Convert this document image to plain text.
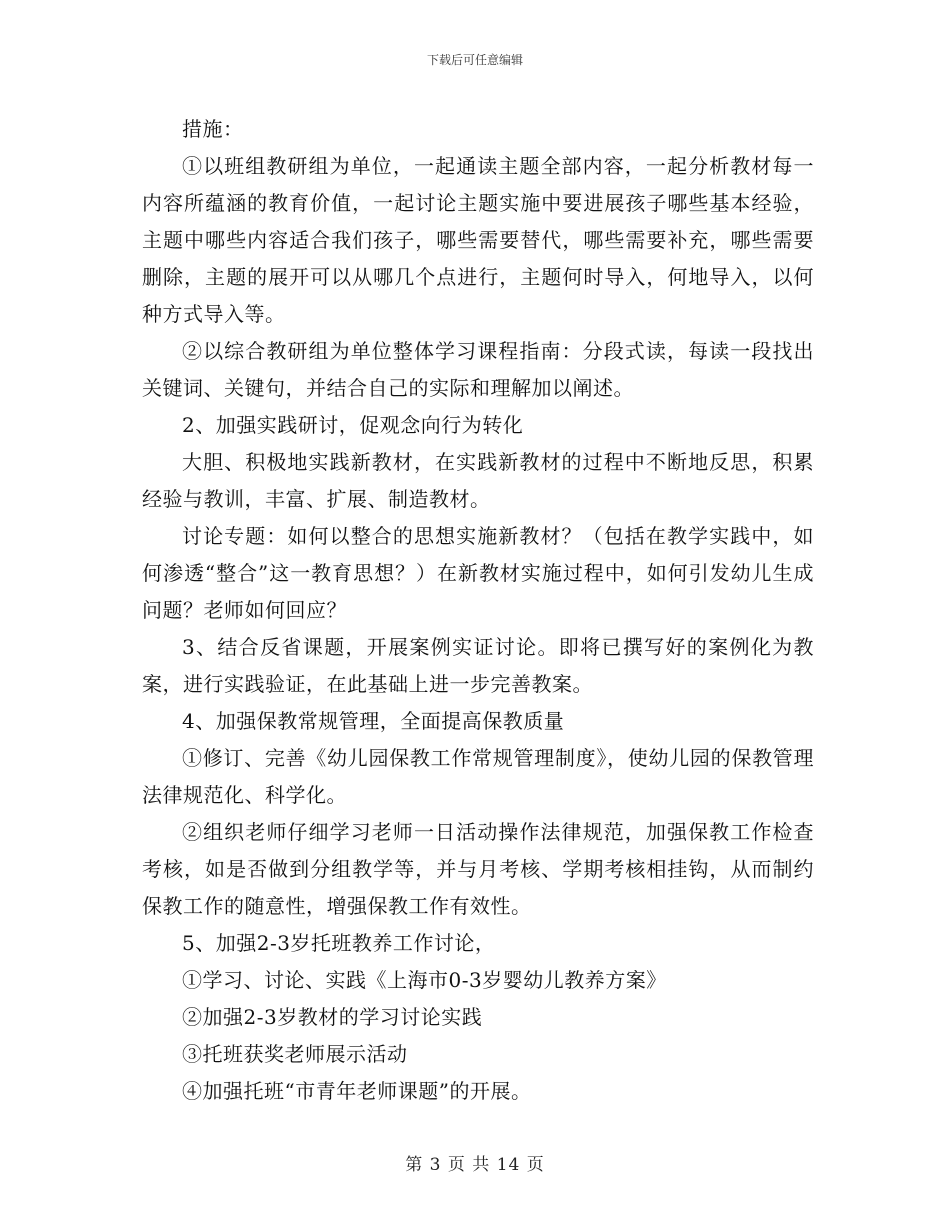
下载后可任意编辑

措施：

①以班组教研组为单位，一起通读主题全部内容，一起分析教材每一内容所蕴涵的教育价值，一起讨论主题实施中要进展孩子哪些基本经验，主题中哪些内容适合我们孩子，哪些需要替代，哪些需要补充，哪些需要删除，主题的展开可以从哪几个点进行，主题何时导入，何地导入，以何种方式导入等。

②以综合教研组为单位整体学习课程指南：分段式读，每读一段找出关键词、关键句，并结合自己的实际和理解加以阐述。

2、加强实践研讨，促观念向行为转化

大胆、积极地实践新教材，在实践新教材的过程中不断地反思，积累经验与教训，丰富、扩展、制造教材。

讨论专题：如何以整合的思想实施新教材？（包括在教学实践中，如何渗透“整合”这一教育思想？）在新教材实施过程中，如何引发幼儿生成问题？老师如何回应？

3、结合反省课题，开展案例实证讨论。即将已撰写好的案例化为教案，进行实践验证，在此基础上进一步完善教案。

4、加强保教常规管理，全面提高保教质量

①修订、完善《幼儿园保教工作常规管理制度》，使幼儿园的保教管理法律规范化、科学化。

②组织老师仔细学习老师一日活动操作法律规范，加强保教工作检查考核，如是否做到分组教学等，并与月考核、学期考核相挂钩，从而制约保教工作的随意性，增强保教工作有效性。

5、加强2-3岁托班教养工作讨论，

①学习、讨论、实践《上海市0-3岁婴幼儿教养方案》

②加强2-3岁教材的学习讨论实践

③托班获奖老师展示活动

④加强托班“市青年老师课题”的开展。

第 3 页 共 14 页
